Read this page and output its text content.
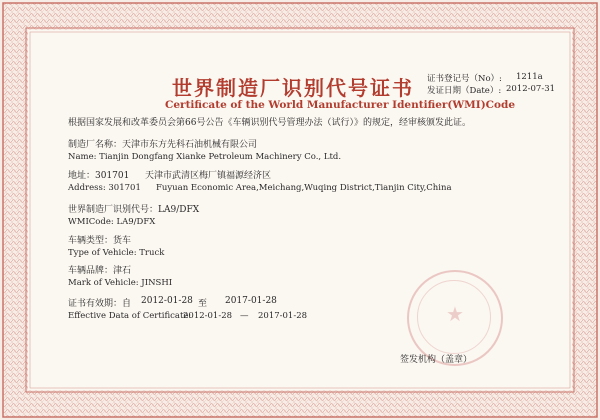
世界制造厂识别代号证书
Certificate of the World Manufacturer Identifier(WMI)Code
证书登记号（No）: 1211a
发证日期（Date）: 2012-07-31
根据国家发展和改革委员会第66号公告《车辆识别代号管理办法（试行）》的规定，经审核颁发此证。
制造厂名称：天津市东方先科石油机械有限公司
Name: Tianjin Dongfang Xianke Petroleum Machinery Co., Ltd.
地址：301701 天津市武清区梅厂镇福源经济区
Address: 301701 Fuyuan Economic Area,Meichang,Wuqing District,Tianjin City,China
世界制造厂识别代号：LA9/DFX
WMICode: LA9/DFX
车辆类型：货车
Type of Vehicle: Truck
车辆品牌：津石
Mark of Vehicle: JINSHI
证书有效期：自 2012-01-28 至 2017-01-28
Effective Data of Certificate:
2012-01-28 — 2017-01-28	★
签发机构（盖章）
